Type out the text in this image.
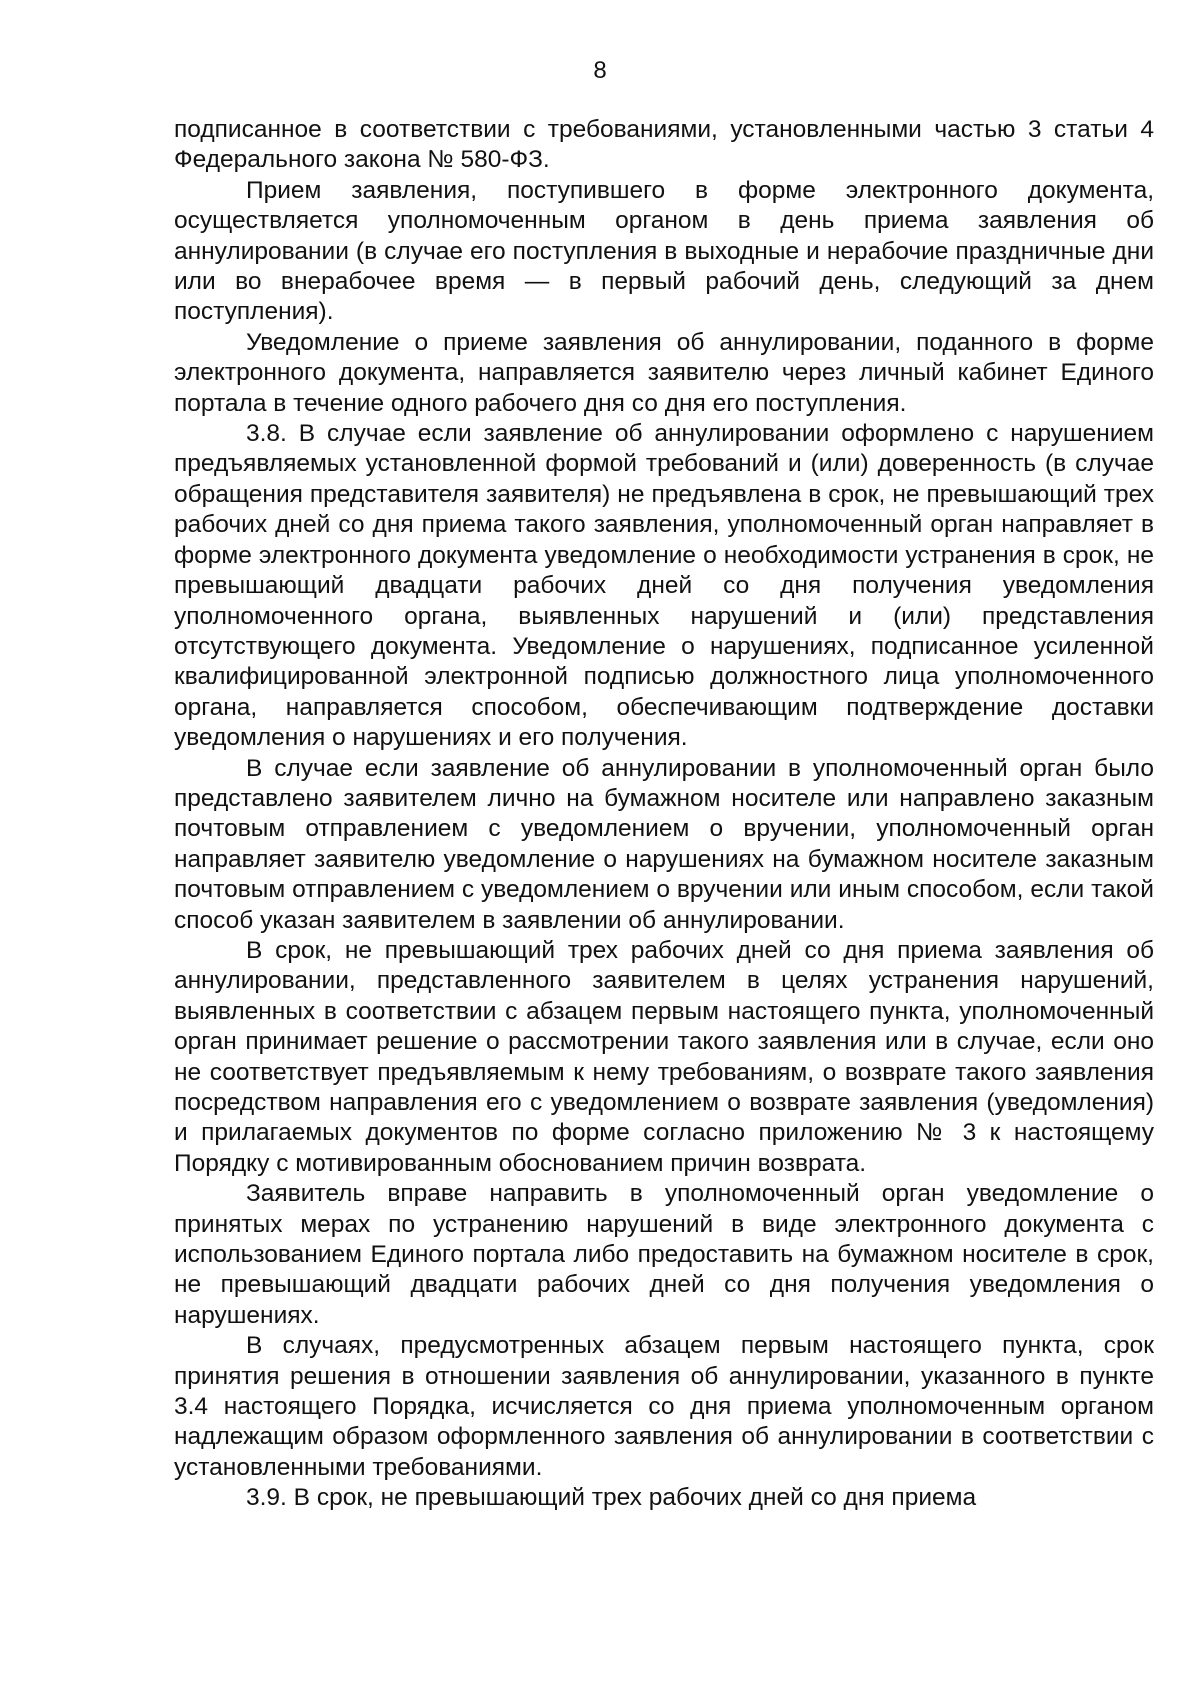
8

подписанное в соответствии с требованиями, установленными частью 3 статьи 4 Федерального закона № 580-ФЗ.

Прием заявления, поступившего в форме электронного документа, осуществляется уполномоченным органом в день приема заявления об аннулировании (в случае его поступления в выходные и нерабочие праздничные дни или во внерабочее время — в первый рабочий день, следующий за днем поступления).

Уведомление о приеме заявления об аннулировании, поданного в форме электронного документа, направляется заявителю через личный кабинет Единого портала в течение одного рабочего дня со дня его поступления.

3.8. В случае если заявление об аннулировании оформлено с нарушением предъявляемых установленной формой требований и (или) доверенность (в случае обращения представителя заявителя) не предъявлена в срок, не превышающий трех рабочих дней со дня приема такого заявления, уполномоченный орган направляет в форме электронного документа уведомление о необходимости устранения в срок, не превышающий двадцати рабочих дней со дня получения уведомления уполномоченного органа, выявленных нарушений и (или) представления отсутствующего документа. Уведомление о нарушениях, подписанное усиленной квалифицированной электронной подписью должностного лица уполномоченного органа, направляется способом, обеспечивающим подтверждение доставки уведомления о нарушениях и его получения.

В случае если заявление об аннулировании в уполномоченный орган было представлено заявителем лично на бумажном носителе или направлено заказным почтовым отправлением с уведомлением о вручении, уполномоченный орган направляет заявителю уведомление о нарушениях на бумажном носителе заказным почтовым отправлением с уведомлением о вручении или иным способом, если такой способ указан заявителем в заявлении об аннулировании.

В срок, не превышающий трех рабочих дней со дня приема заявления об аннулировании, представленного заявителем в целях устранения нарушений, выявленных в соответствии с абзацем первым настоящего пункта, уполномоченный орган принимает решение о рассмотрении такого заявления или в случае, если оно не соответствует предъявляемым к нему требованиям, о возврате такого заявления посредством направления его с уведомлением о возврате заявления (уведомления) и прилагаемых документов по форме согласно приложению № 3 к настоящему Порядку с мотивированным обоснованием причин возврата.

Заявитель вправе направить в уполномоченный орган уведомление о принятых мерах по устранению нарушений в виде электронного документа с использованием Единого портала либо предоставить на бумажном носителе в срок, не превышающий двадцати рабочих дней со дня получения уведомления о нарушениях.

В случаях, предусмотренных абзацем первым настоящего пункта, срок принятия решения в отношении заявления об аннулировании, указанного в пункте 3.4 настоящего Порядка, исчисляется со дня приема уполномоченным органом надлежащим образом оформленного заявления об аннулировании в соответствии с установленными требованиями.

3.9. В срок, не превышающий трех рабочих дней со дня приема
